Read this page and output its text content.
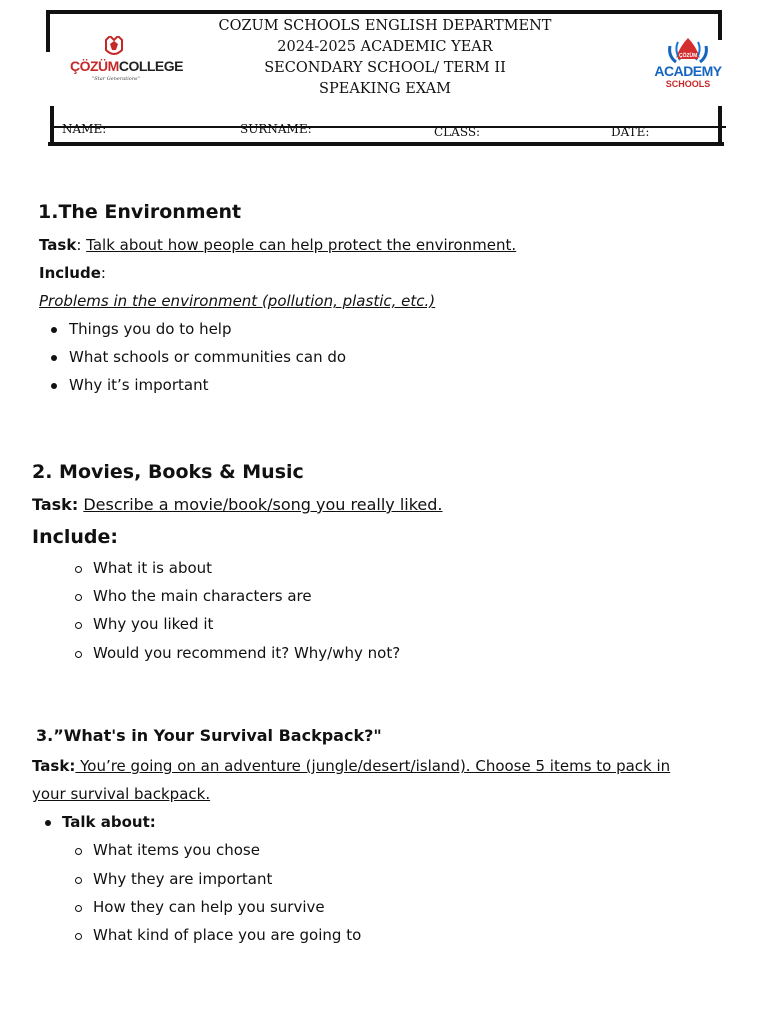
COZUM SCHOOLS ENGLISH DEPARTMENT
2024-2025 ACADEMIC YEAR
SECONDARY SCHOOL/ TERM II
SPEAKING EXAM
NAME:	SURNAME:	CLASS:	DATE:
ÇÖZÜMCOLLEGE
"Star Generations"
ÇÖZÜM
ACADEMY
SCHOOLS
1.The Environment
Task: Talk about how people can help protect the environment.
Include:
Problems in the environment (pollution, plastic, etc.)
Things you do to help
What schools or communities can do
Why it’s important
2. Movies, Books & Music
Task: Describe a movie/book/song you really liked.
Include:
What it is about
Who the main characters are
Why you liked it
Would you recommend it? Why/why not?
3.”What's in Your Survival Backpack?"
Task: You’re going on an adventure (jungle/desert/island). Choose 5 items to pack in
your survival backpack.
Talk about:
What items you chose
Why they are important
How they can help you survive
What kind of place you are going to
